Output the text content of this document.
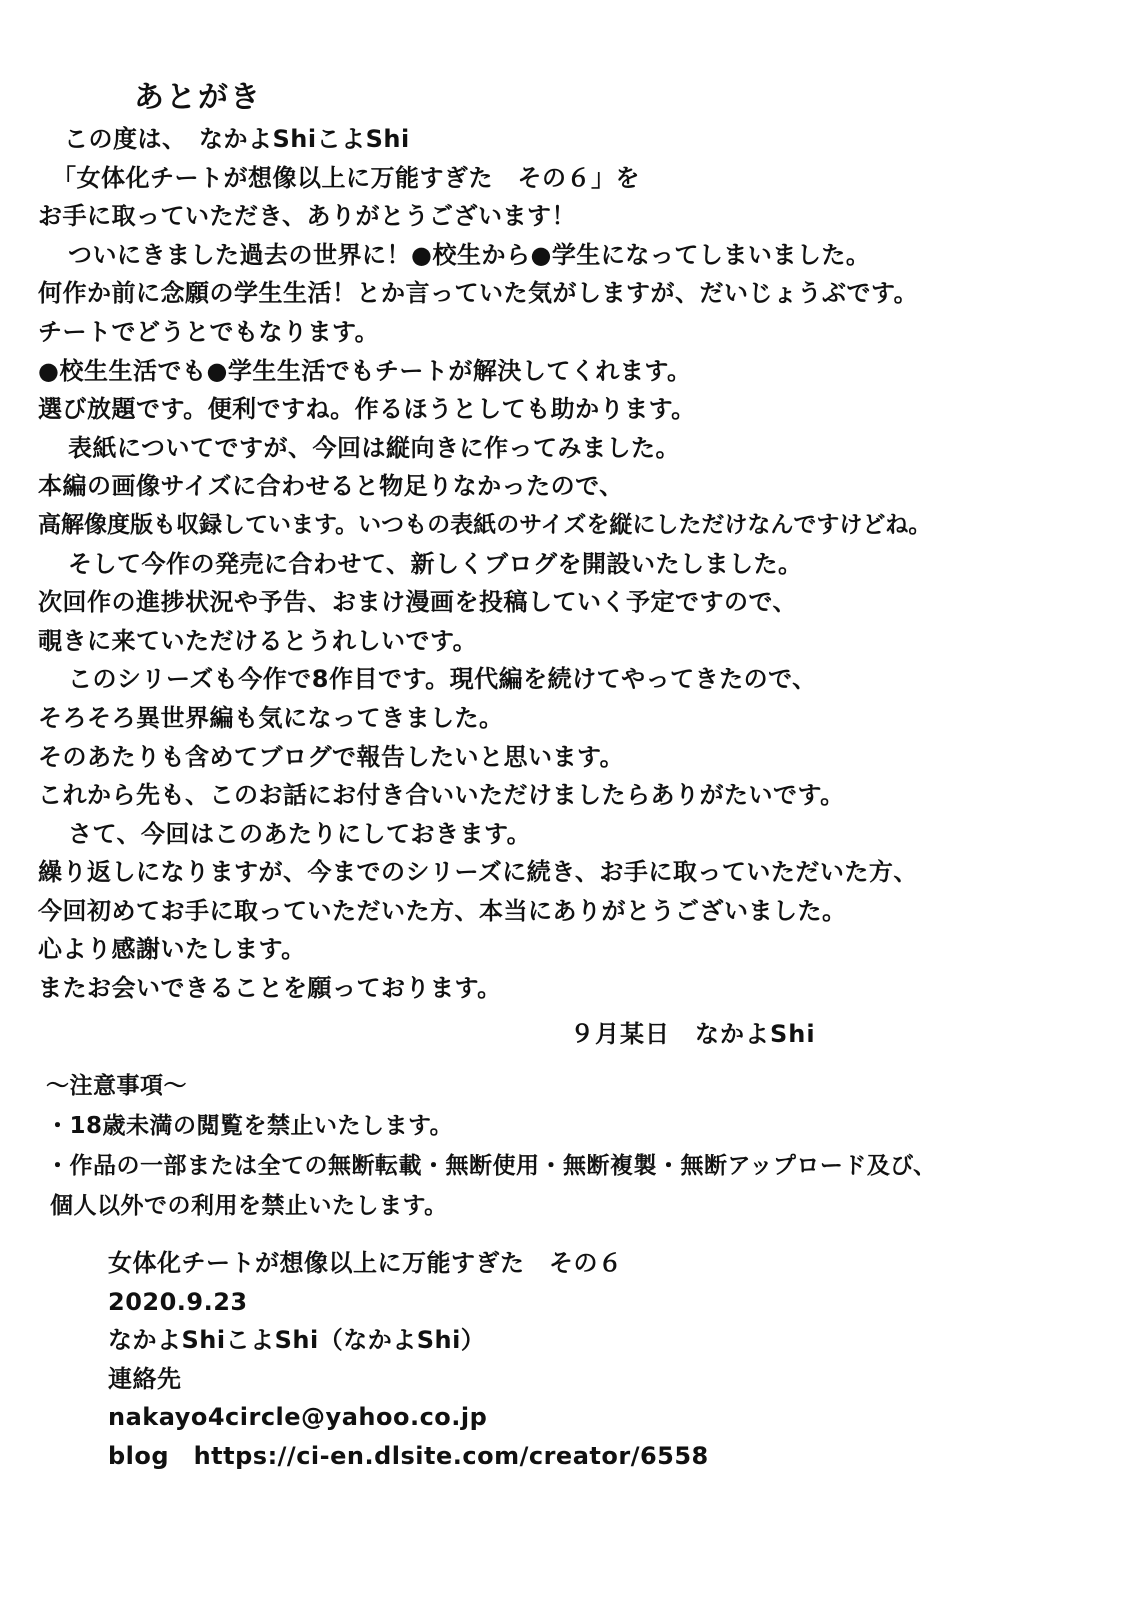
あとがき
この度は、　なかよShiこよShi
「女体化チートが想像以上に万能すぎた　その６」を
お手に取っていただき、ありがとうございます！
ついにきました過去の世界に！●校生から●学生になってしまいました。
何作か前に念願の学生生活！とか言っていた気がしますが、だいじょうぶです。
チートでどうとでもなります。
●校生生活でも●学生生活でもチートが解決してくれます。
選び放題です。便利ですね。作るほうとしても助かります。
表紙についてですが、今回は縦向きに作ってみました。
本編の画像サイズに合わせると物足りなかったので、
高解像度版も収録しています。いつもの表紙のサイズを縦にしただけなんですけどね。
そして今作の発売に合わせて、新しくブログを開設いたしました。
次回作の進捗状況や予告、おまけ漫画を投稿していく予定ですので、
覗きに来ていただけるとうれしいです。
このシリーズも今作で8作目です。現代編を続けてやってきたので、
そろそろ異世界編も気になってきました。
そのあたりも含めてブログで報告したいと思います。
これから先も、このお話にお付き合いいただけましたらありがたいです。
さて、今回はこのあたりにしておきます。
繰り返しになりますが、今までのシリーズに続き、お手に取っていただいた方、
今回初めてお手に取っていただいた方、本当にありがとうございました。
心より感謝いたします。
またお会いできることを願っております。
９月某日　なかよShi
〜注意事項〜
・18歳未満の閲覧を禁止いたします。
・作品の一部または全ての無断転載・無断使用・無断複製・無断アップロード及び、
個人以外での利用を禁止いたします。
女体化チートが想像以上に万能すぎた　その６
2020.9.23
なかよShiこよShi（なかよShi）
連絡先
nakayo4circle@yahoo.co.jp
blog　https://ci-en.dlsite.com/creator/6558
